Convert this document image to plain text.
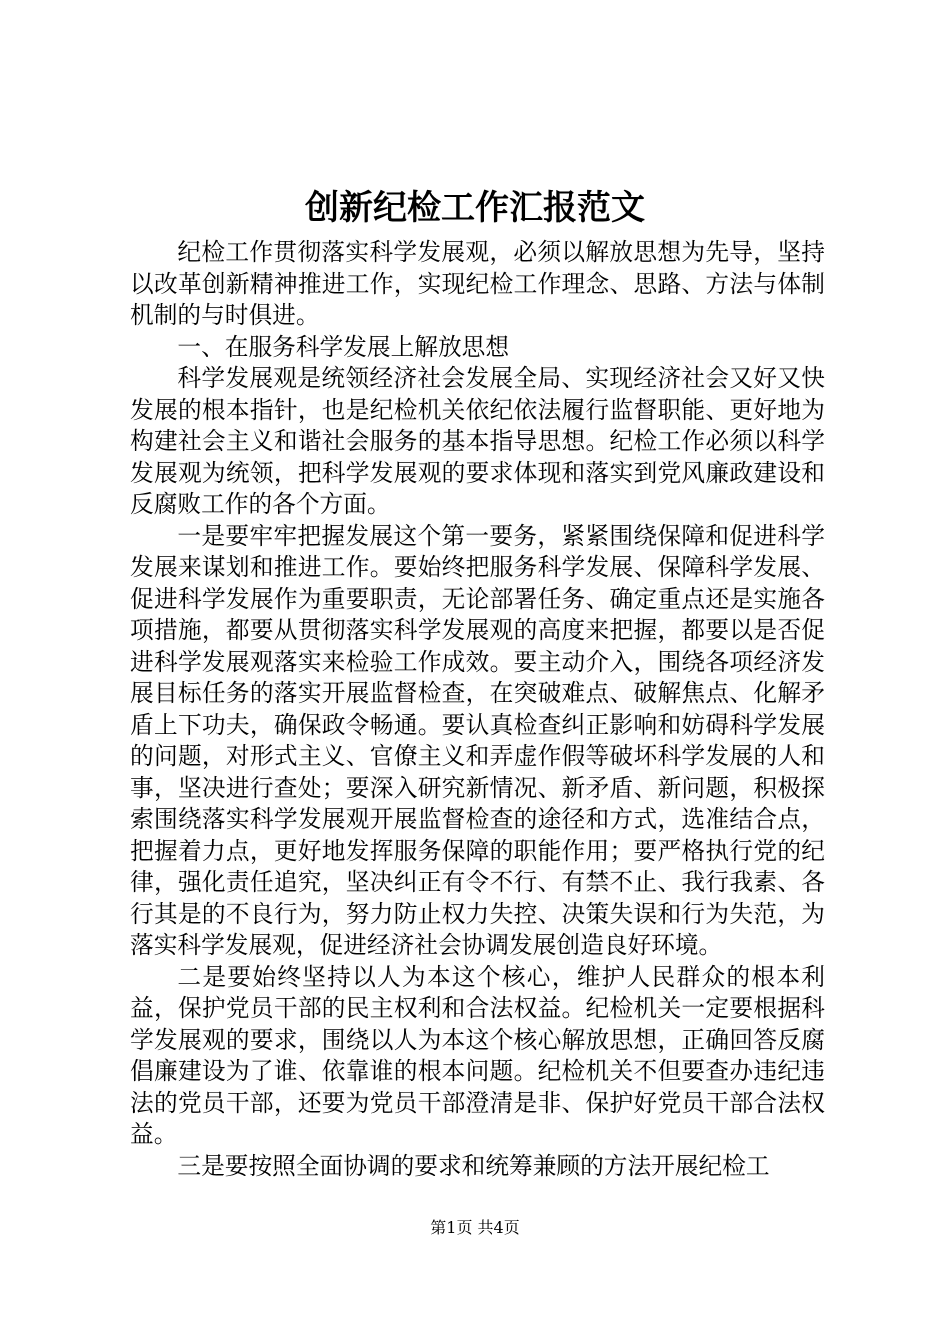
创新纪检工作汇报范文

纪检工作贯彻落实科学发展观，必须以解放思想为先导，坚持以改革创新精神推进工作，实现纪检工作理念、思路、方法与体制机制的与时俱进。

一、在服务科学发展上解放思想

科学发展观是统领经济社会发展全局、实现经济社会又好又快发展的根本指针，也是纪检机关依纪依法履行监督职能、更好地为构建社会主义和谐社会服务的基本指导思想。纪检工作必须以科学发展观为统领，把科学发展观的要求体现和落实到党风廉政建设和反腐败工作的各个方面。

一是要牢牢把握发展这个第一要务，紧紧围绕保障和促进科学发展来谋划和推进工作。要始终把服务科学发展、保障科学发展、促进科学发展作为重要职责，无论部署任务、确定重点还是实施各项措施，都要从贯彻落实科学发展观的高度来把握，都要以是否促进科学发展观落实来检验工作成效。要主动介入，围绕各项经济发展目标任务的落实开展监督检查，在突破难点、破解焦点、化解矛盾上下功夫，确保政令畅通。要认真检查纠正影响和妨碍科学发展的问题，对形式主义、官僚主义和弄虚作假等破坏科学发展的人和事，坚决进行查处；要深入研究新情况、新矛盾、新问题，积极探索围绕落实科学发展观开展监督检查的途径和方式，选准结合点，把握着力点，更好地发挥服务保障的职能作用；要严格执行党的纪律，强化责任追究，坚决纠正有令不行、有禁不止、我行我素、各行其是的不良行为，努力防止权力失控、决策失误和行为失范，为落实科学发展观，促进经济社会协调发展创造良好环境。

二是要始终坚持以人为本这个核心，维护人民群众的根本利益，保护党员干部的民主权利和合法权益。纪检机关一定要根据科学发展观的要求，围绕以人为本这个核心解放思想，正确回答反腐倡廉建设为了谁、依靠谁的根本问题。纪检机关不但要查办违纪违法的党员干部，还要为党员干部澄清是非、保护好党员干部合法权益。

三是要按照全面协调的要求和统筹兼顾的方法开展纪检工

第1页 共4页
